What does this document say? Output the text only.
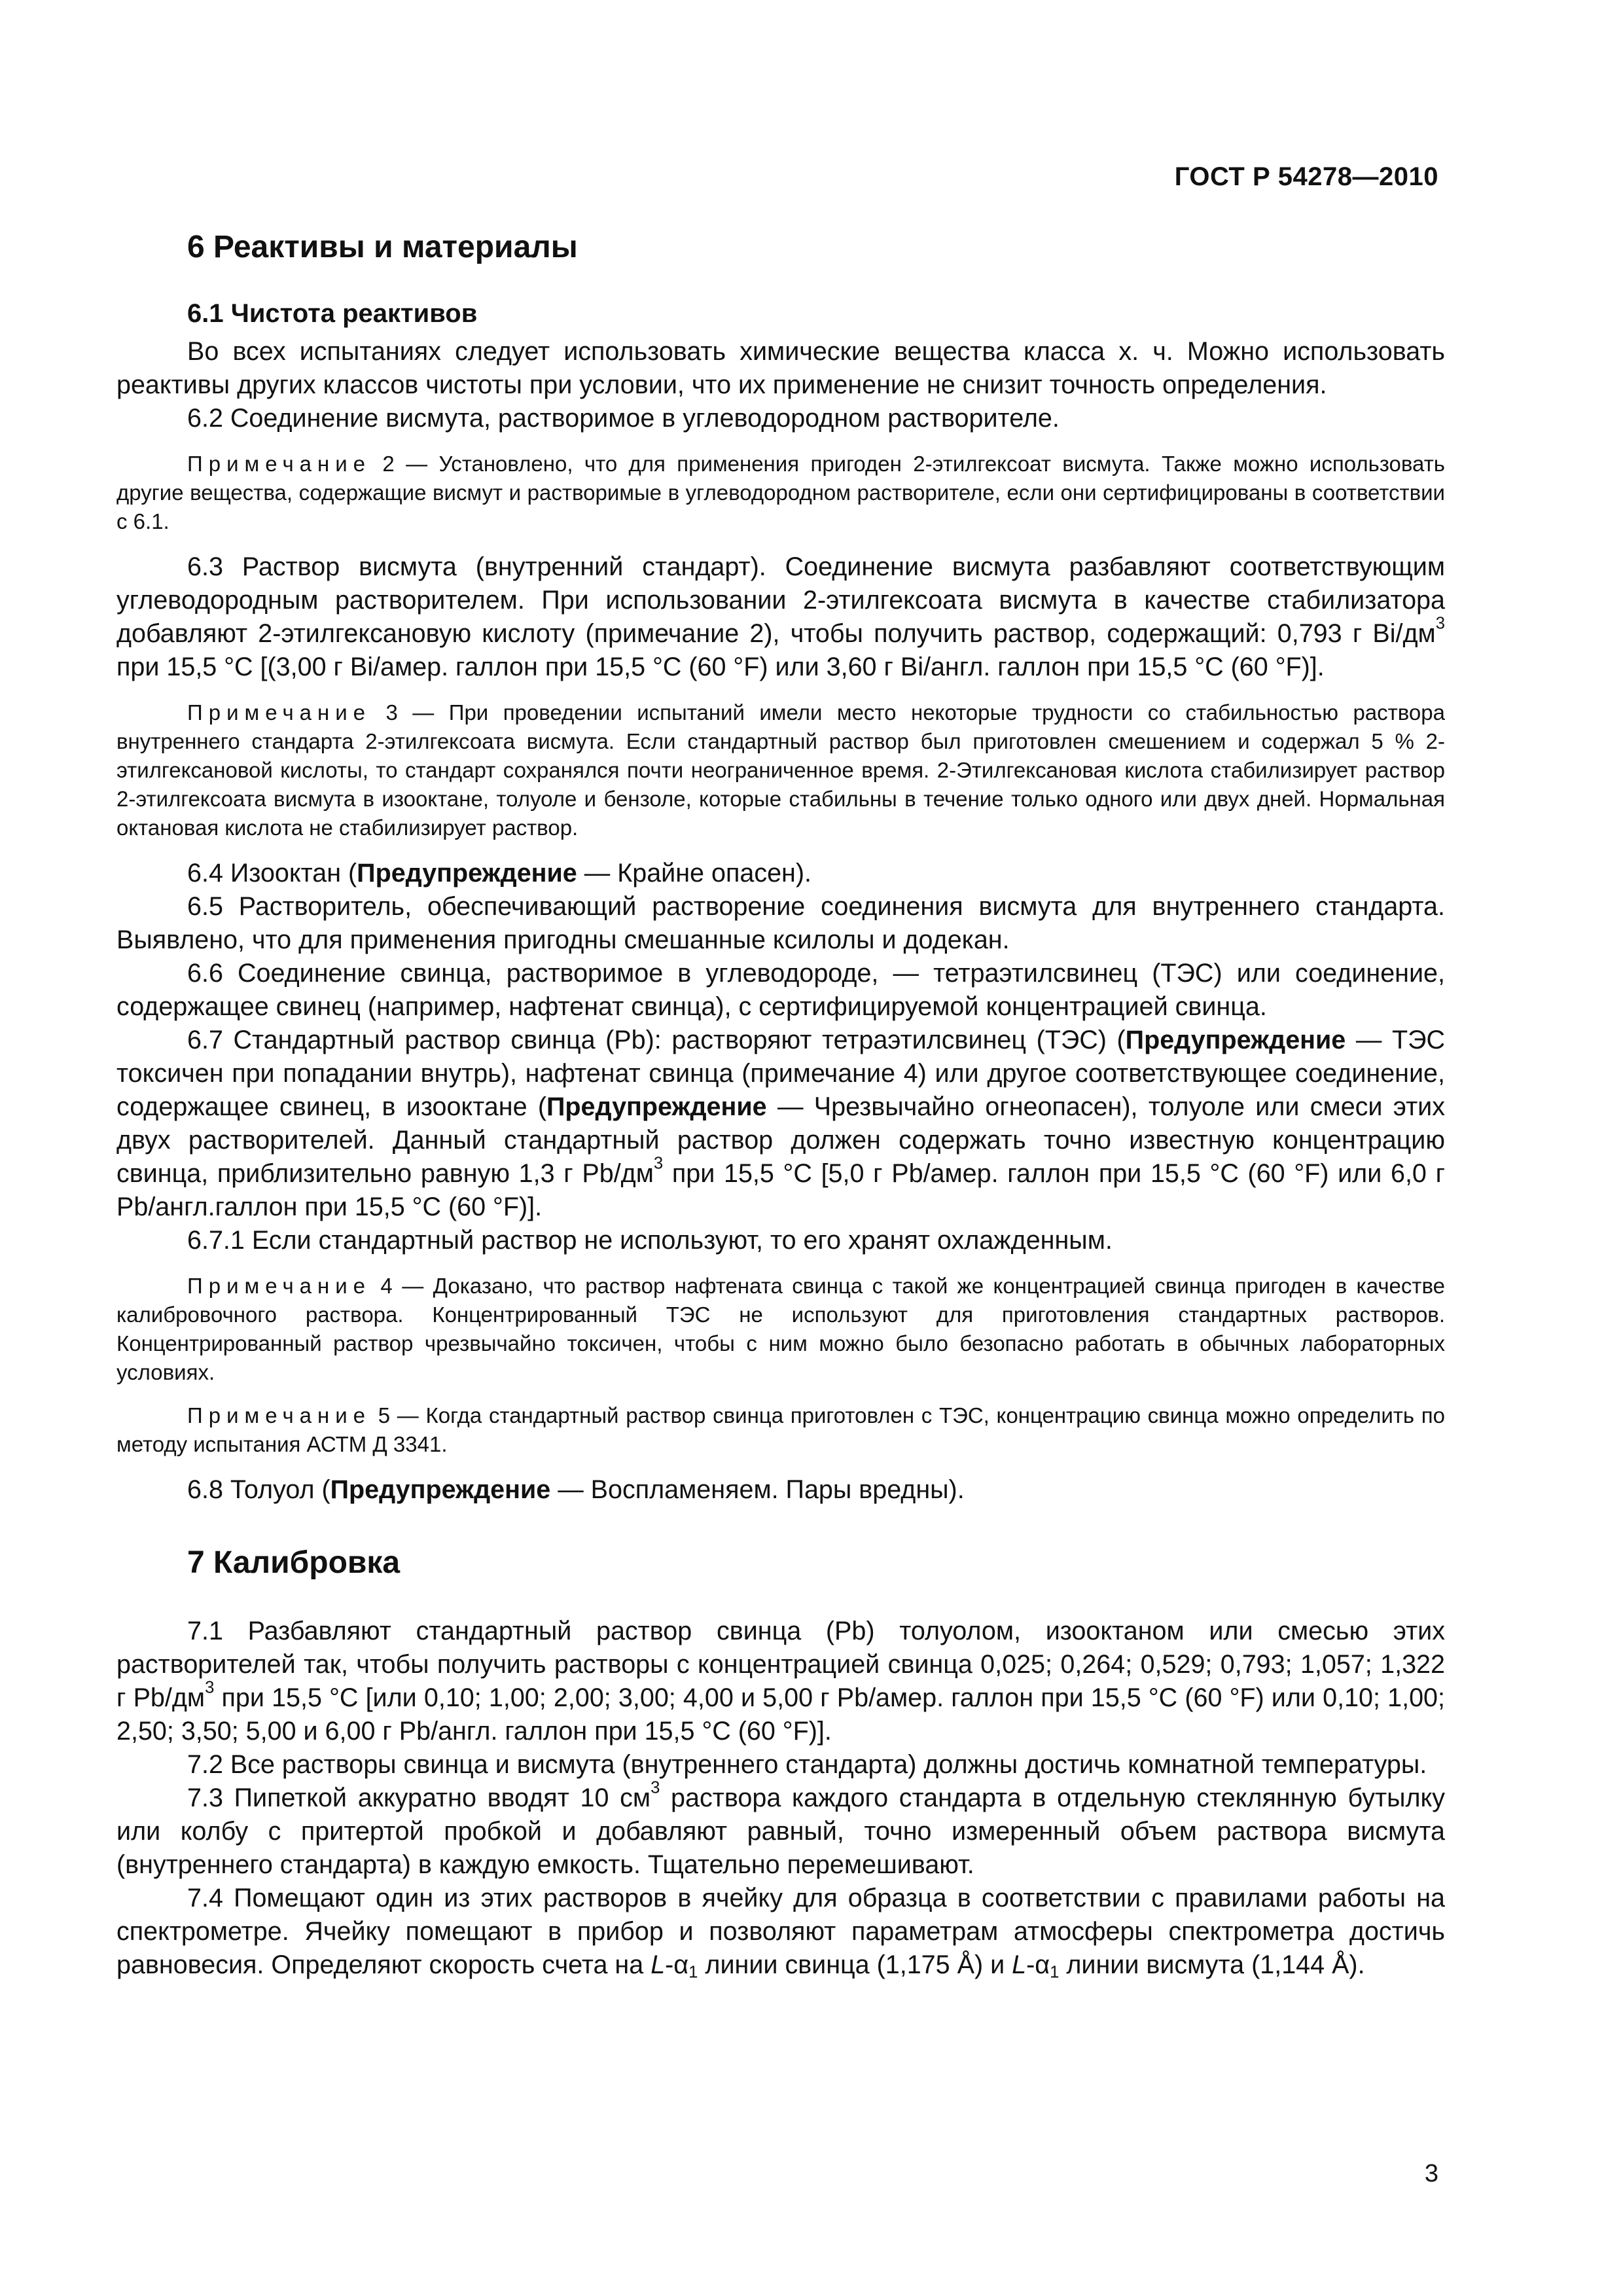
ГОСТ Р 54278—2010
6 Реактивы и материалы
6.1 Чистота реактивов

Во всех испытаниях следует использовать химические вещества класса х. ч. Можно использовать реактивы других классов чистоты при условии, что их применение не снизит точность определения.

6.2 Соединение висмута, растворимое в углеводородном растворителе.

Примечание 2 — Установлено, что для применения пригоден 2-этилгексоат висмута. Также можно использовать другие вещества, содержащие висмут и растворимые в углеводородном растворителе, если они сертифицированы в соответствии с 6.1.

6.3 Раствор висмута (внутренний стандарт). Соединение висмута разбавляют соответствующим углеводородным растворителем. При использовании 2-этилгексоата висмута в качестве стабилизатора добавляют 2-этилгексановую кислоту (примечание 2), чтобы получить раствор, содержащий: 0,793 г $Bi/дм^3$ при 15,5 °С [(3,00 г Bi/амер. галлон при 15,5 °С (60 °F) или 3,60 г Bi/англ. галлон при 15,5 °С (60 °F)].

Примечание 3 — При проведении испытаний имели место некоторые трудности со стабильностью раствора внутреннего стандарта 2-этилгексоата висмута. Если стандартный раствор был приготовлен смешением и содержал 5 % 2-этилгексановой кислоты, то стандарт сохранялся почти неограниченное время. 2-Этилгексановая кислота стабилизирует раствор 2-этилгексоата висмута в изооктане, толуоле и бензоле, которые стабильны в течение только одного или двух дней. Нормальная октановая кислота не стабилизирует раствор.

6.4 Изооктан (Предупреждение — Крайне опасен).

6.5 Растворитель, обеспечивающий растворение соединения висмута для внутреннего стандарта. Выявлено, что для применения пригодны смешанные ксилолы и додекан.

6.6 Соединение свинца, растворимое в углеводороде, — тетраэтилсвинец (ТЭС) или соединение, содержащее свинец (например, нафтенат свинца), с сертифицируемой концентрацией свинца.

6.7 Стандартный раствор свинца (Pb): растворяют тетраэтилсвинец (ТЭС) (Предупреждение — ТЭС токсичен при попадании внутрь), нафтенат свинца (примечание 4) или другое соответствующее соединение, содержащее свинец, в изооктане (Предупреждение — Чрезвычайно огнеопасен), толуоле или смеси этих двух растворителей. Данный стандартный раствор должен содержать точно известную концентрацию свинца, приблизительно равную 1,3 г $Pb/дм^3$ при 15,5 °С [5,0 г Pb/амер. галлон при 15,5 °С (60 °F) или 6,0 г Pb/англ.галлон при 15,5 °С (60 °F)].

6.7.1 Если стандартный раствор не используют, то его хранят охлажденным.

Примечание 4 — Доказано, что раствор нафтената свинца с такой же концентрацией свинца пригоден в качестве калибровочного раствора. Концентрированный ТЭС не используют для приготовления стандартных растворов. Концентрированный раствор чрезвычайно токсичен, чтобы с ним можно было безопасно работать в обычных лабораторных условиях.

Примечание 5 — Когда стандартный раствор свинца приготовлен с ТЭС, концентрацию свинца можно определить по методу испытания АСТМ Д 3341.

6.8 Толуол (Предупреждение — Воспламеняем. Пары вредны).

7 Калибровка

7.1 Разбавляют стандартный раствор свинца (Pb) толуолом, изооктаном или смесью этих растворителей так, чтобы получить растворы с концентрацией свинца 0,025; 0,264; 0,529; 0,793; 1,057; 1,322 г $Pb/дм^3$ при 15,5 °С [или 0,10; 1,00; 2,00; 3,00; 4,00 и 5,00 г Pb/амер. галлон при 15,5 °С (60 °F) или 0,10; 1,00; 2,50; 3,50; 5,00 и 6,00 г Pb/англ. галлон при 15,5 °С (60 °F)].

7.2 Все растворы свинца и висмута (внутреннего стандарта) должны достичь комнатной температуры.

7.3 Пипеткой аккуратно вводят 10 $см^3$ раствора каждого стандарта в отдельную стеклянную бутылку или колбу с притертой пробкой и добавляют равный, точно измеренный объем раствора висмута (внутреннего стандарта) в каждую емкость. Тщательно перемешивают.

7.4 Помещают один из этих растворов в ячейку для образца в соответствии с правилами работы на спектрометре. Ячейку помещают в прибор и позволяют параметрам атмосферы спектрометра достичь равновесия. Определяют скорость счета на $L-\alpha_1$ линии свинца (1,175 Å) и $L-\alpha_1$ линии висмута (1,144 Å).

3
